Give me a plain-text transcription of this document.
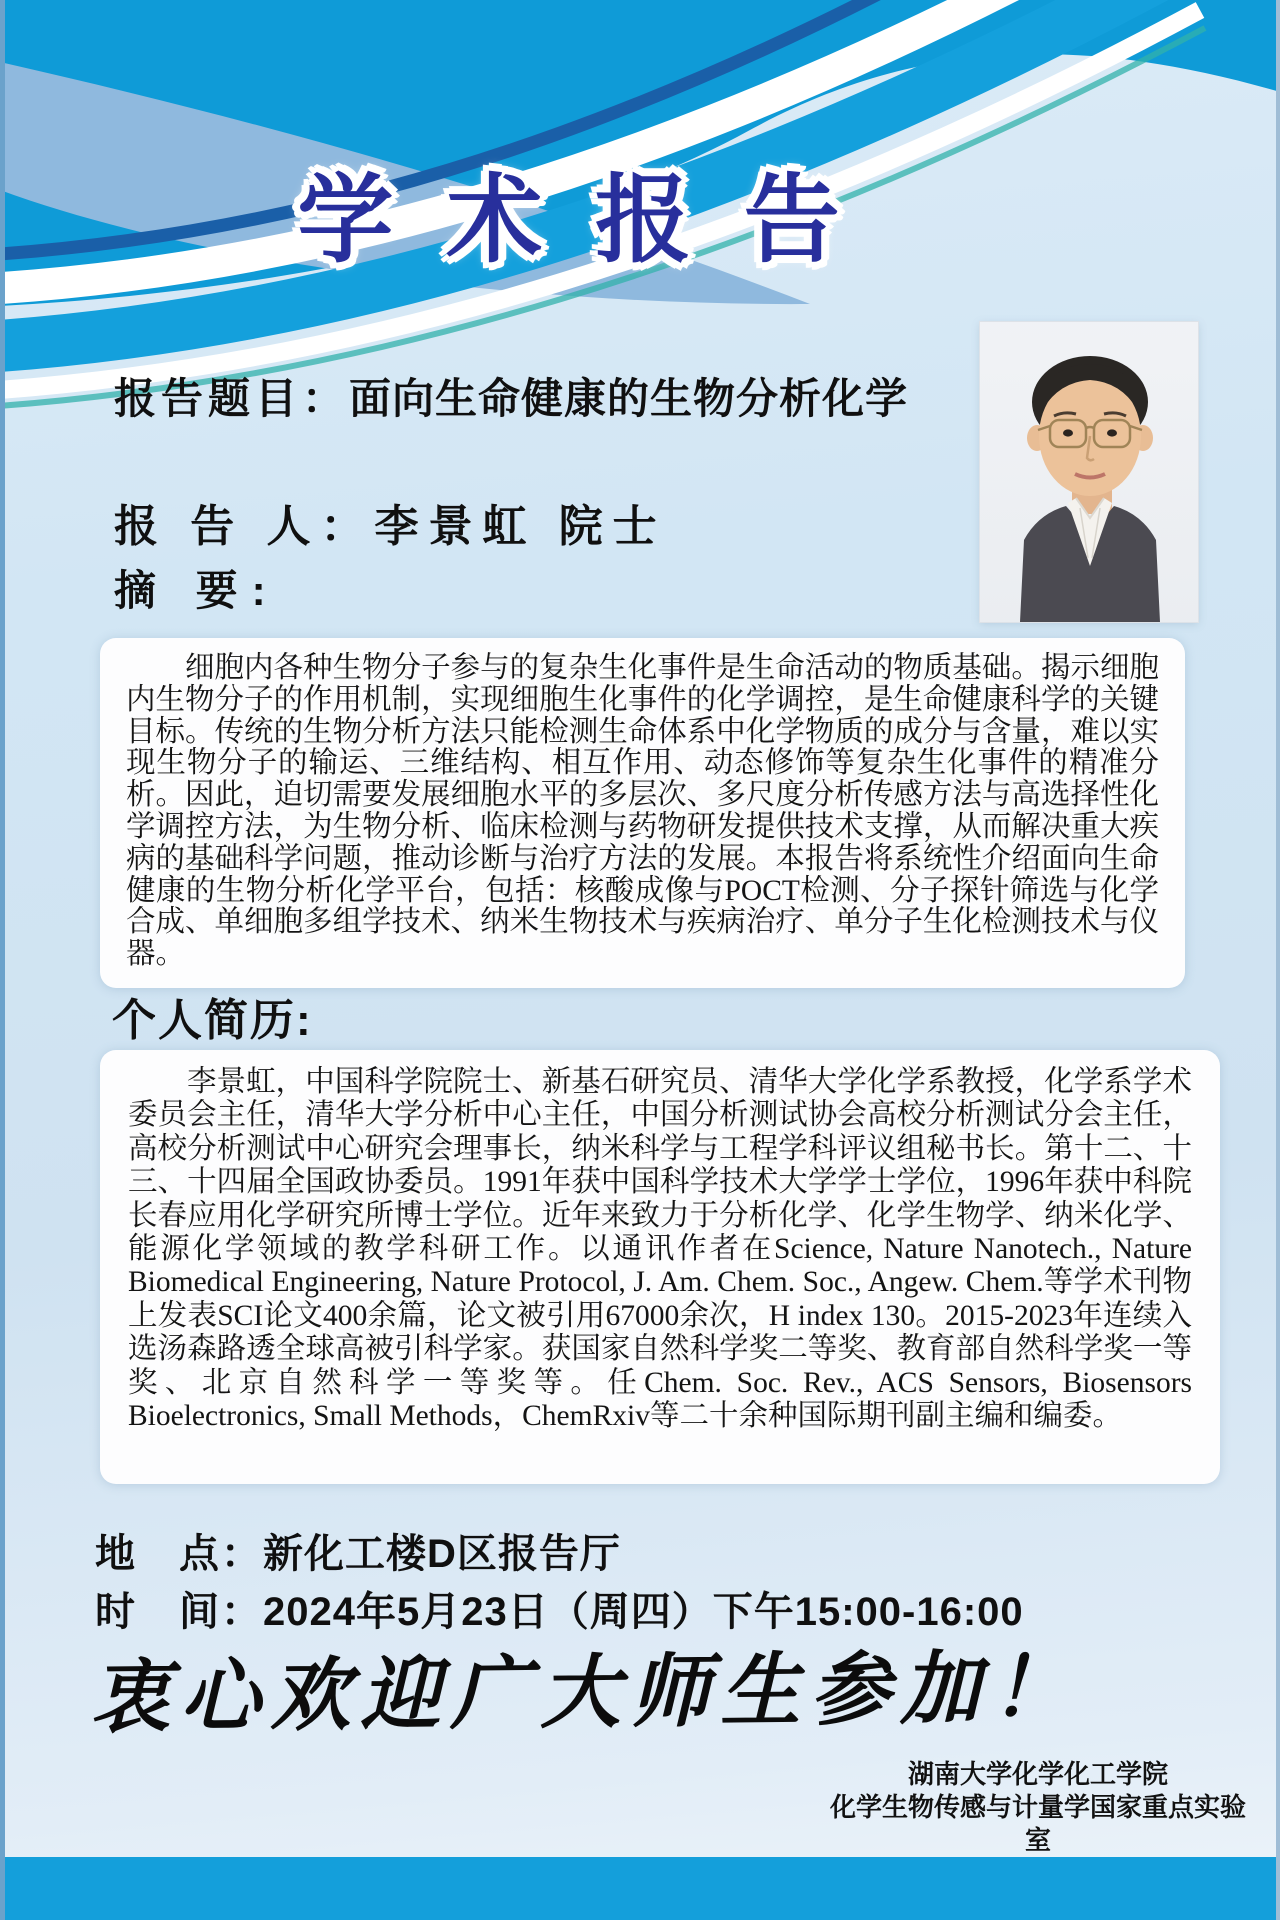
学术报告
报告题目：面向生命健康的生物分析化学
报 告 人：李景虹 院士
摘 要:

细胞内各种生物分子参与的复杂生化事件是生命活动的物质基础。揭示细胞内生物分子的作用机制，实现细胞生化事件的化学调控，是生命健康科学的关键目标。传统的生物分析方法只能检测生命体系中化学物质的成分与含量，难以实现生物分子的输运、三维结构、相互作用、动态修饰等复杂生化事件的精准分析。因此，迫切需要发展细胞水平的多层次、多尺度分析传感方法与高选择性化学调控方法，为生物分析、临床检测与药物研发提供技术支撑，从而解决重大疾病的基础科学问题，推动诊断与治疗方法的发展。本报告将系统性介绍面向生命健康的生物分析化学平台，包括：核酸成像与POCT检测、分子探针筛选与化学合成、单细胞多组学技术、纳米生物技术与疾病治疗、单分子生化检测技术与仪器。

个人简历:

李景虹，中国科学院院士、新基石研究员、清华大学化学系教授，化学系学术委员会主任，清华大学分析中心主任，中国分析测试协会高校分析测试分会主任，高校分析测试中心研究会理事长，纳米科学与工程学科评议组秘书长。第十二、十三、十四届全国政协委员。1991年获中国科学技术大学学士学位，1996年获中科院长春应用化学研究所博士学位。近年来致力于分析化学、化学生物学、纳米化学、能源化学领域的教学科研工作。以通讯作者在Science, Nature Nanotech., Nature Biomedical Engineering, Nature Protocol, J. Am. Chem. Soc., Angew. Chem.等学术刊物上发表SCI论文400余篇，论文被引用67000余次，H index 130。2015-2023年连续入选汤森路透全球高被引科学家。获国家自然科学奖二等奖、教育部自然科学奖一等奖、北京自然科学一等奖等。任Chem. Soc. Rev., ACS Sensors, Biosensors Bioelectronics, Small Methods，ChemRxiv等二十余种国际期刊副主编和编委。

地　点：新化工楼D区报告厅
时　间：2024年5月23日（周四）下午15:00-16:00
衷心欢迎广大师生参加！
湖南大学化学化工学院
化学生物传感与计量学国家重点实验室
